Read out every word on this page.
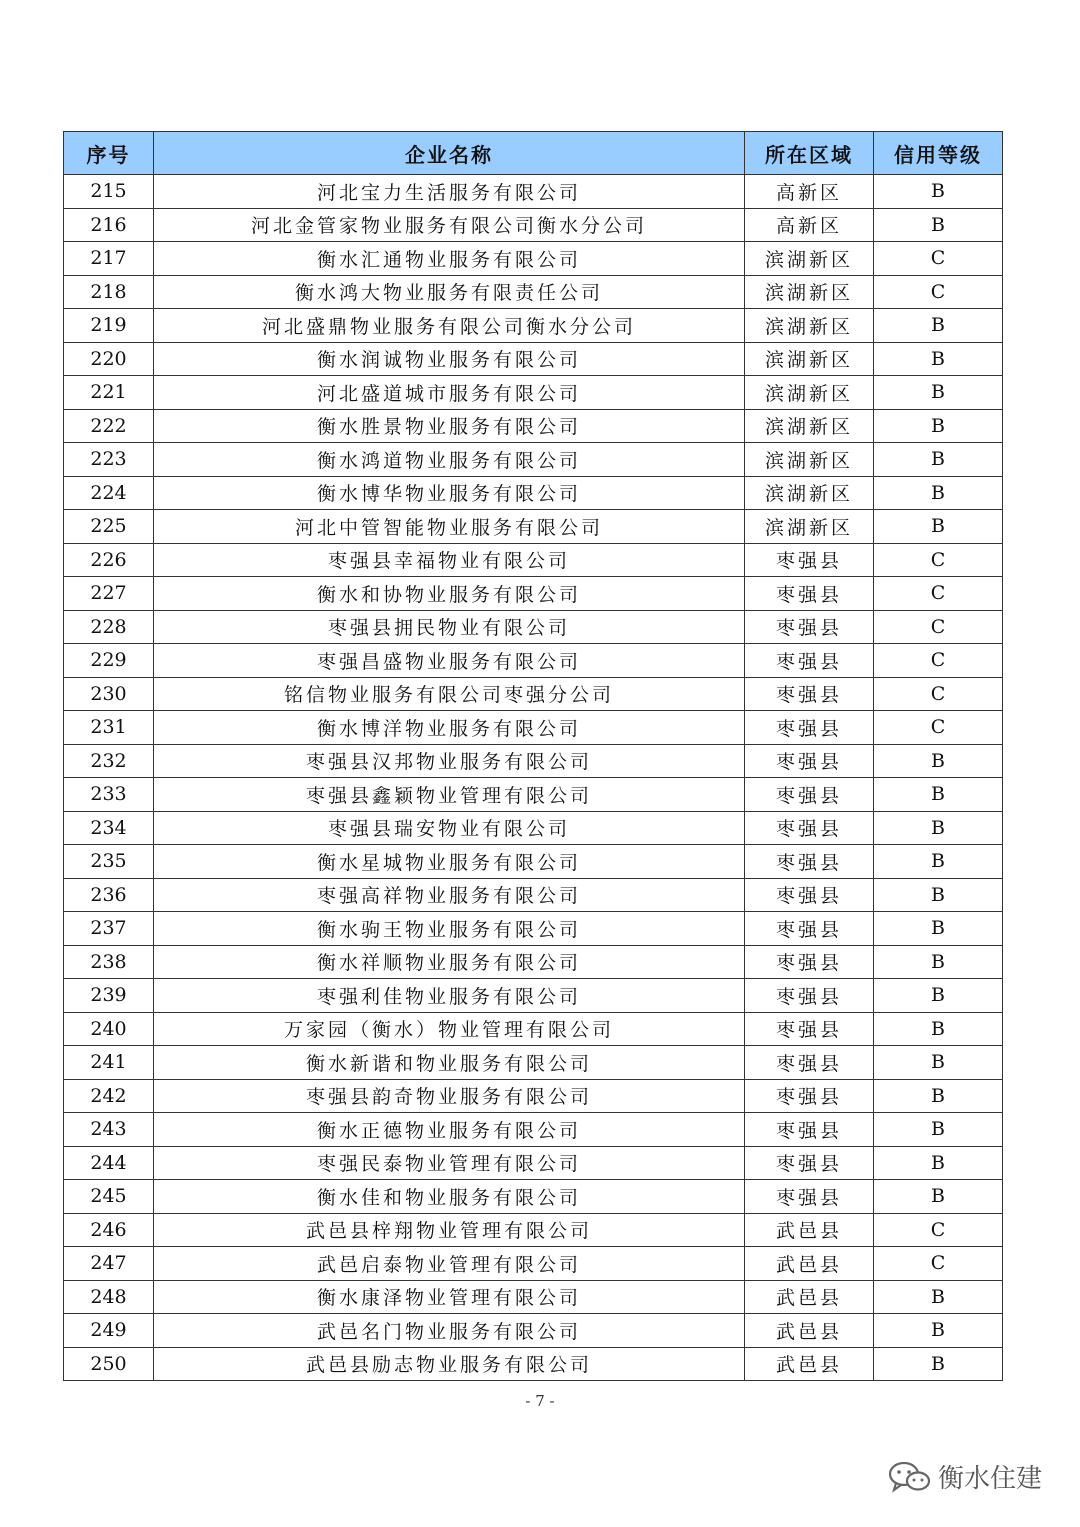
序号	企业名称	所在区域	信用等级
215	河北宝力生活服务有限公司	高新区	B
216	河北金管家物业服务有限公司衡水分公司	高新区	B
217	衡水汇通物业服务有限公司	滨湖新区	C
218	衡水鸿大物业服务有限责任公司	滨湖新区	C
219	河北盛鼎物业服务有限公司衡水分公司	滨湖新区	B
220	衡水润诚物业服务有限公司	滨湖新区	B
221	河北盛道城市服务有限公司	滨湖新区	B
222	衡水胜景物业服务有限公司	滨湖新区	B
223	衡水鸿道物业服务有限公司	滨湖新区	B
224	衡水博华物业服务有限公司	滨湖新区	B
225	河北中管智能物业服务有限公司	滨湖新区	B
226	枣强县幸福物业有限公司	枣强县	C
227	衡水和协物业服务有限公司	枣强县	C
228	枣强县拥民物业有限公司	枣强县	C
229	枣强昌盛物业服务有限公司	枣强县	C
230	铭信物业服务有限公司枣强分公司	枣强县	C
231	衡水博洋物业服务有限公司	枣强县	C
232	枣强县汉邦物业服务有限公司	枣强县	B
233	枣强县鑫颖物业管理有限公司	枣强县	B
234	枣强县瑞安物业有限公司	枣强县	B
235	衡水星城物业服务有限公司	枣强县	B
236	枣强高祥物业服务有限公司	枣强县	B
237	衡水驹王物业服务有限公司	枣强县	B
238	衡水祥顺物业服务有限公司	枣强县	B
239	枣强利佳物业服务有限公司	枣强县	B
240	万家园（衡水）物业管理有限公司	枣强县	B
241	衡水新谐和物业服务有限公司	枣强县	B
242	枣强县韵奇物业服务有限公司	枣强县	B
243	衡水正德物业服务有限公司	枣强县	B
244	枣强民泰物业管理有限公司	枣强县	B
245	衡水佳和物业服务有限公司	枣强县	B
246	武邑县梓翔物业管理有限公司	武邑县	C
247	武邑启泰物业管理有限公司	武邑县	C
248	衡水康泽物业管理有限公司	武邑县	B
249	武邑名门物业服务有限公司	武邑县	B
250	武邑县励志物业服务有限公司	武邑县	B
- 7 -
衡水住建
